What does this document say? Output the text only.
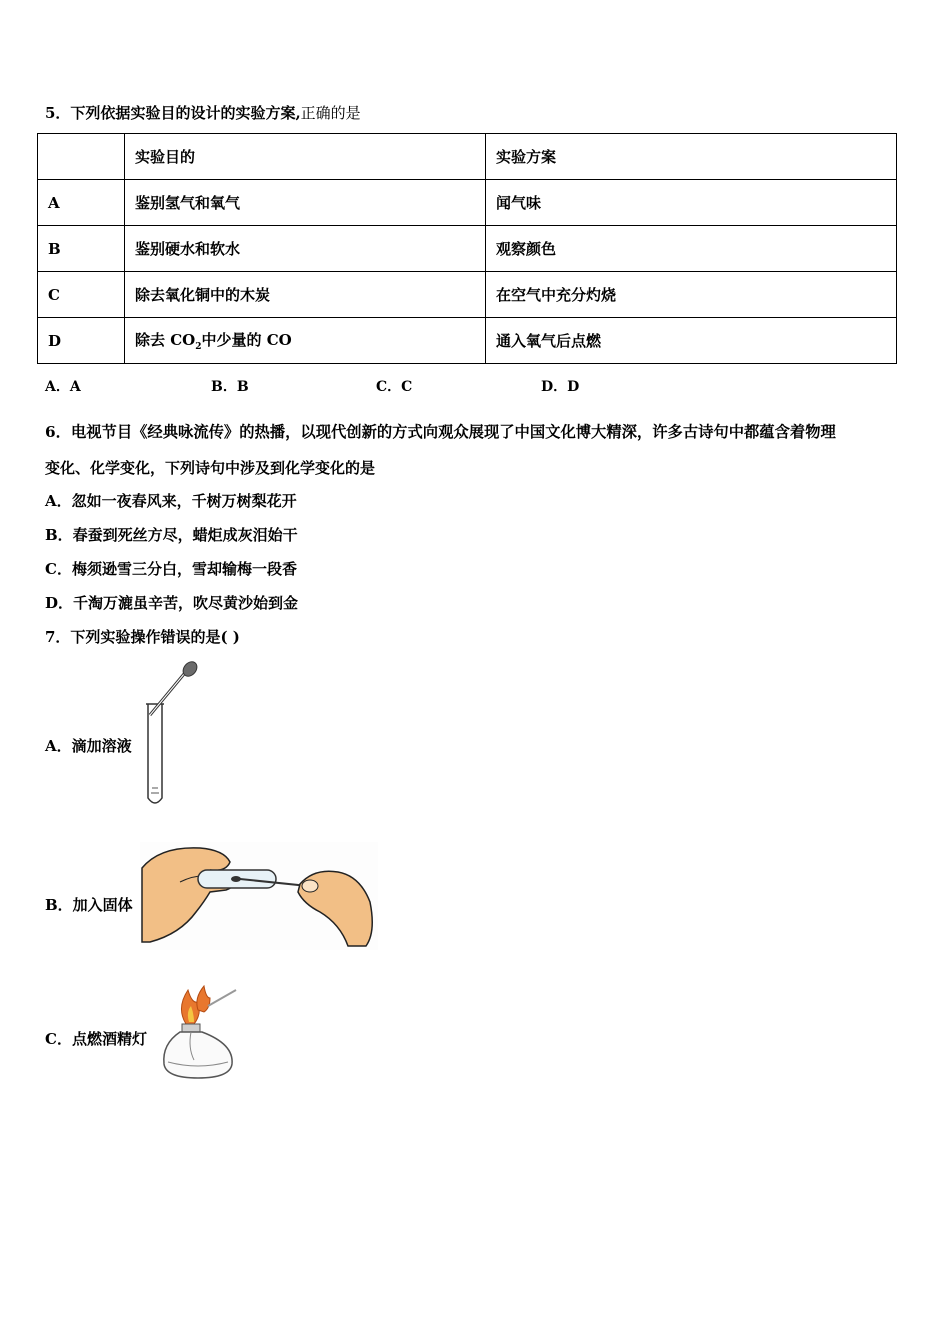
5．下列依据实验目的设计的实验方案,正确的是
	实验目的	实验方案
A	鉴别氢气和氧气	闻气味
B	鉴别硬水和软水	观察颜色
C	除去氧化铜中的木炭	在空气中充分灼烧
D	除去 $CO_2$中少量的 CO	通入氧气后点燃
A．A	B．B	C．C	D．D
6．电视节目《经典咏流传》的热播，以现代创新的方式向观众展现了中国文化博大精深，许多古诗句中都蕴含着物理
变化、化学变化，下列诗句中涉及到化学变化的是
A．忽如一夜春风来，千树万树梨花开
B．春蚕到死丝方尽，蜡炬成灰泪始干
C．梅须逊雪三分白，雪却输梅一段香
D．千淘万漉虽辛苦，吹尽黄沙始到金
7．下列实验操作错误的是( )
A．滴加溶液
B．加入固体
C．点燃酒精灯
